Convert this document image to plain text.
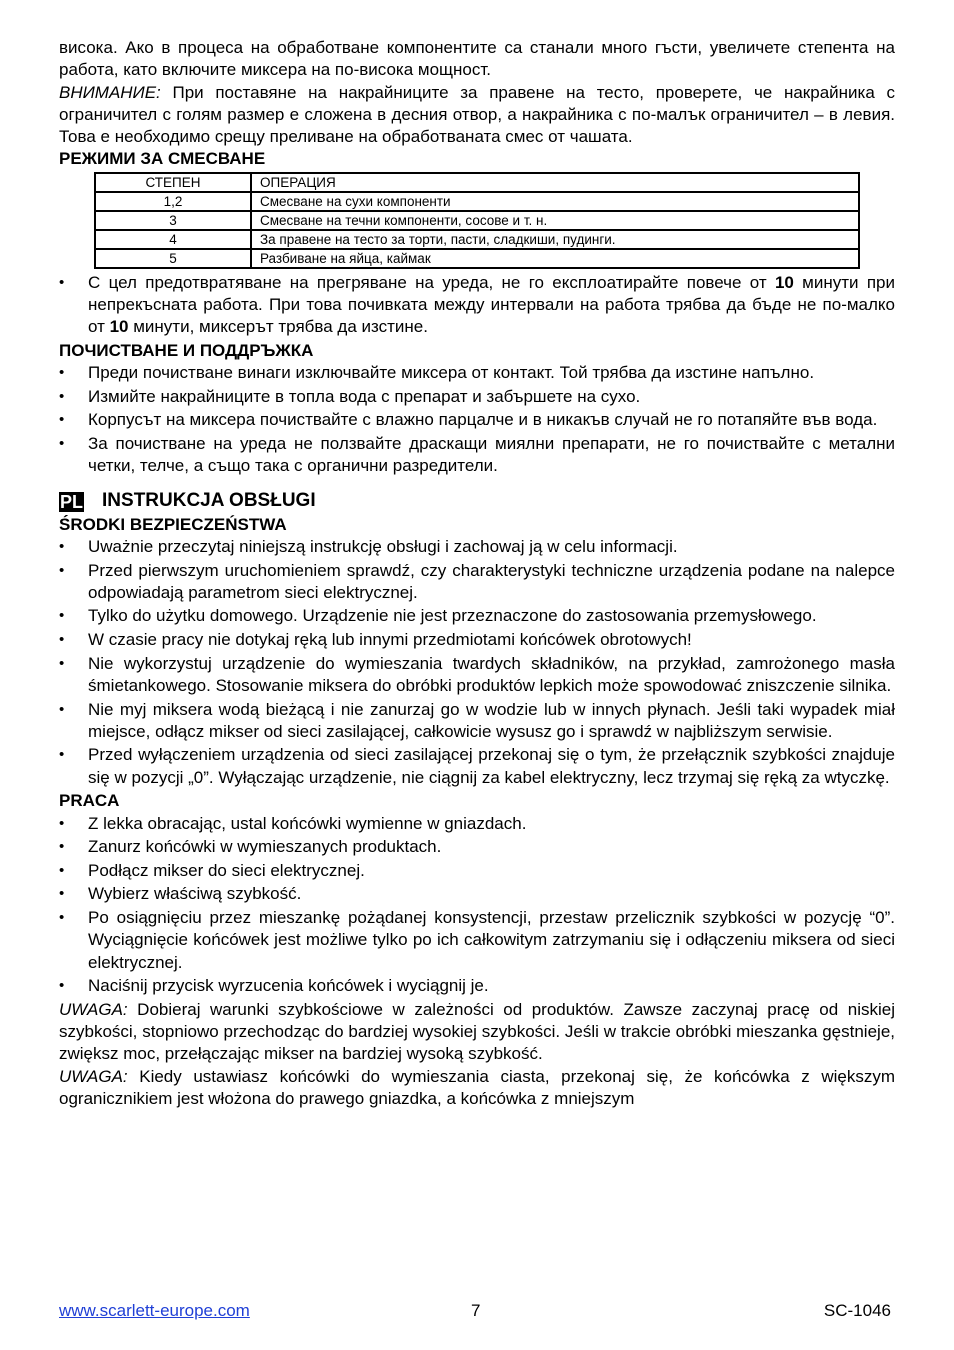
висока. Ако в процеса на обработване компонентите са станали много гъсти, увеличете степента на работа, като включите миксера на по-висока мощност.

ВНИМАНИЕ: При поставяне на накрайниците за правене на тесто, проверете, че накрайника с ограничител с голям размер е сложена в десния отвор, а накрайника с по-малък ограничител – в левия. Това е необходимо срещу преливане на обработваната смес от чашата.

РЕЖИМИ ЗА СМЕСВАНЕ
СТЕПЕН	ОПЕРАЦИЯ
1,2	Смесване на сухи компоненти
3	Смесване на течни компоненти, сосове и т. н.
4	За правене на тесто за торти, пасти, сладкиши, пудинги.
5	Разбиване на яйца, каймак
• С цел предотвратяване на прегряване на уреда, не го експлоатирайте повече от 10 минути при непрекъсната работа. При това почивката между интервали на работа трябва да бъде не по-малко от 10 минути, миксерът трябва да изстине.
ПОЧИСТВАНЕ И ПОДДРЪЖКА
• Преди почистване винаги изключвайте миксера от контакт. Той трябва да изстине напълно.
• Измийте накрайниците в топла вода с препарат и забършете на сухо.
• Корпусът на миксера почиствайте с влажно парцалче и в никакъв случай не го потапяйте във вода.
• За почистване на уреда не ползвайте драскащи миялни препарати, не го почиствайте с метални четки, телче, а също така с органични разредители.
PL INSTRUKCJA OBSŁUGI
ŚRODKI BEZPIECZEŃSTWA
• Uważnie przeczytaj niniejszą instrukcję obsługi i zachowaj ją w celu informacji.
• Przed pierwszym uruchomieniem sprawdź, czy charakterystyki techniczne urządzenia podane na nalepce odpowiadają parametrom sieci elektrycznej.
• Tylko do użytku domowego. Urządzenie nie jest przeznaczone do zastosowania przemysłowego.
• W czasie pracy nie dotykaj ręką lub innymi przedmiotami końcówek obrotowych!
• Nie wykorzystuj urządzenie do wymieszania twardych składników, na przykład, zamrożonego masła śmietankowego. Stosowanie miksera do obróbki produktów lepkich może spowodować zniszczenie silnika.
• Nie myj miksera wodą bieżącą i nie zanurzaj go w wodzie lub w innych płynach. Jeśli taki wypadek miał miejsce, odłącz mikser od sieci zasilającej, całkowicie wysusz go i sprawdź w najbliższym serwisie.
• Przed wyłączeniem urządzenia od sieci zasilającej przekonaj się o tym, że przełącznik szybkości znajduje się w pozycji „0”. Wyłączając urządzenie, nie ciągnij za kabel elektryczny, lecz trzymaj się ręką za wtyczkę.
PRACA
• Z lekka obracając, ustal końcówki wymienne w gniazdach.
• Zanurz końcówki w wymieszanych produktach.
• Podłącz mikser do sieci elektrycznej.
• Wybierz właściwą szybkość.
• Po osiągnięciu przez mieszankę pożądanej konsystencji, przestaw przelicznik szybkości w pozycję “0”. Wyciągnięcie końcówek jest możliwe tylko po ich całkowitym zatrzymaniu się i odłączeniu miksera od sieci elektrycznej.
• Naciśnij przycisk wyrzucenia końcówek i wyciągnij je.

UWAGA: Dobieraj warunki szybkościowe w zależności od produktów. Zawsze zaczynaj pracę od niskiej szybkości, stopniowo przechodząc do bardziej wysokiej szybkości. Jeśli w trakcie obróbki mieszanka gęstnieje, zwiększ moc, przełączając mikser na bardziej wysoką szybkość.

UWAGA: Kiedy ustawiasz końcówki do wymieszania ciasta, przekonaj się, że końcówka z większym ogranicznikiem jest włożona do prawego gniazdka, a końcówka z mniejszym

www.scarlett-europe.com	7	SC-1046
